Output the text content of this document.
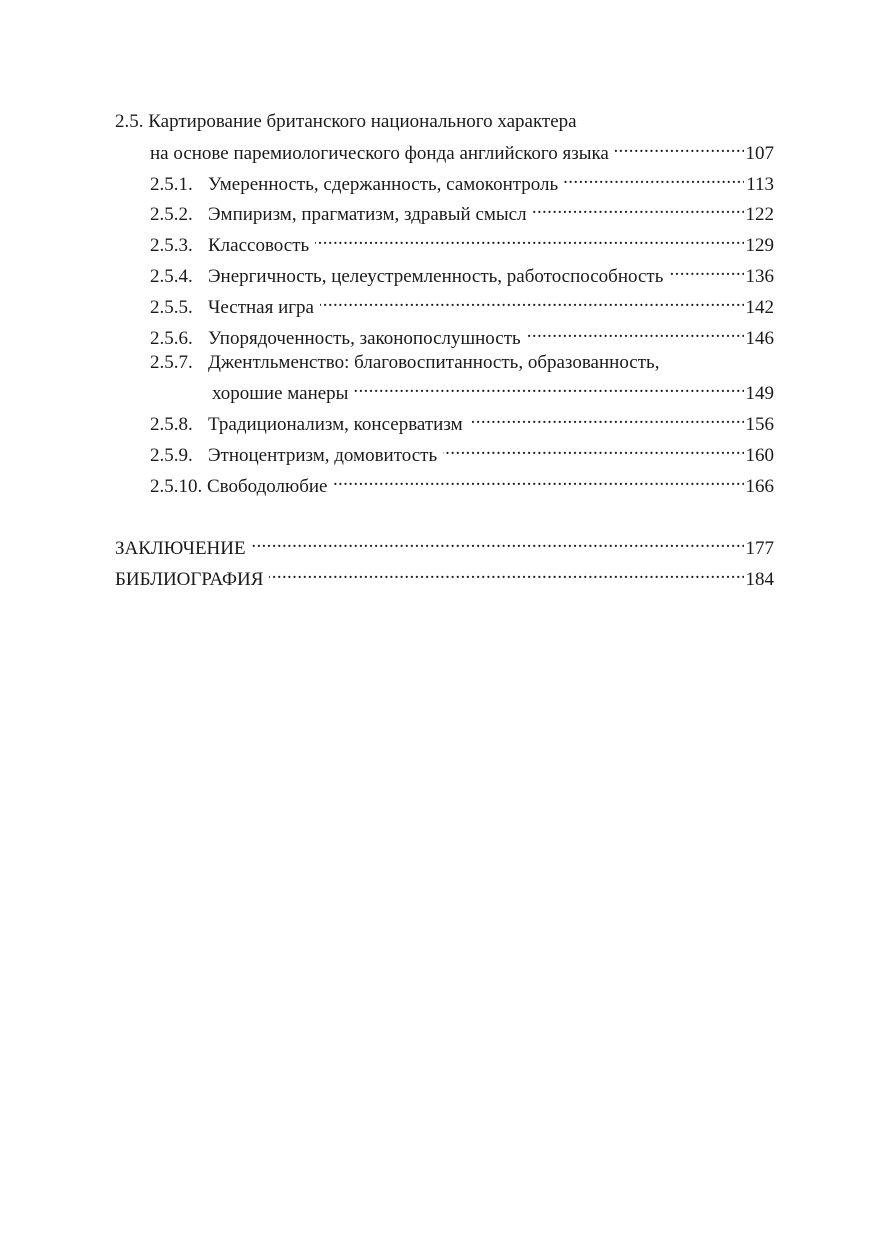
2.5. Картирование британского национального характера
на основе паремиологического фонда английского языка . . .	107
2.5.1. Умеренность, сдержанность, самоконтроль . . .	113
2.5.2. Эмпиризм, прагматизм, здравый смысл . . .	122
2.5.3. Классовость . . .	129
2.5.4. Энергичность, целеустремленность, работоспособность . . .	136
2.5.5. Честная игра . . .	142
2.5.6. Упорядоченность, законопослушность . . .	146
2.5.7. Джентльменство: благовоспитанность, образованность,
хорошие манеры . . .	149
2.5.8. Традиционализм, консерватизм . . .	156
2.5.9. Этноцентризм, домовитость . . .	160
2.5.10. Свободолюбие . . .	166
ЗАКЛЮЧЕНИЕ . . .	177
БИБЛИОГРАФИЯ . . .	184
